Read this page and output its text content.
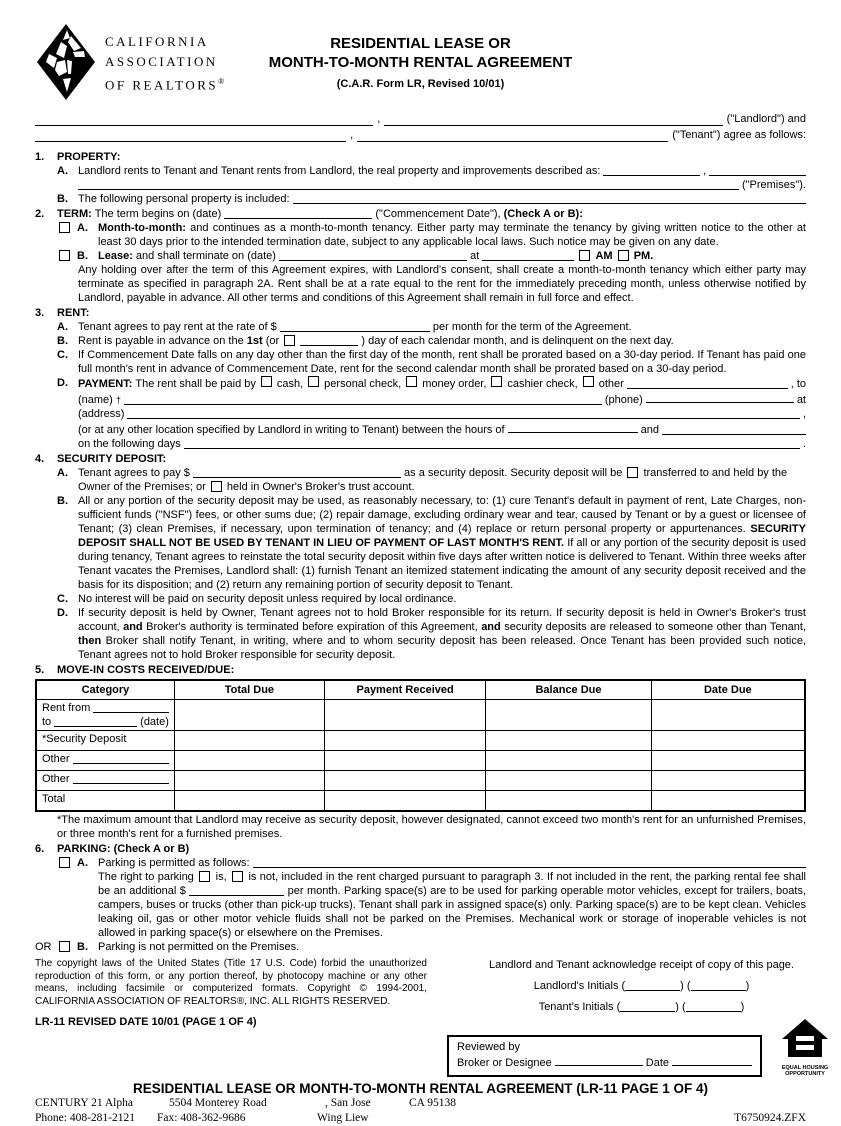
CALIFORNIA
ASSOCIATION
OF REALTORS®
RESIDENTIAL LEASE OR
MONTH-TO-MONTH RENTAL AGREEMENT
(C.A.R. Form LR, Revised 10/01)
,	("Landlord") and
,	("Tenant") agree as follows:
1.	PROPERTY:
A. Landlord rents to Tenant and Tenant rents from Landlord, the real property and improvements described as:	,
("Premises").
B. The following personal property is included:
2.	TERM: The term begins on (date)	("Commencement Date"), (Check A or B):
A. Month-to-month: and continues as a month-to-month tenancy. Either party may terminate the tenancy by giving written notice to the other at least 30 days prior to the intended termination date, subject to any applicable local laws. Such notice may be given on any date.
B. Lease: and shall terminate on (date)	at	AM PM.
Any holding over after the term of this Agreement expires, with Landlord's consent, shall create a month-to-month tenancy which either party may terminate as specified in paragraph 2A. Rent shall be at a rate equal to the rent for the immediately preceding month, unless otherwise notified by Landlord, payable in advance. All other terms and conditions of this Agreement shall remain in full force and effect.
3.	RENT:
A. Tenant agrees to pay rent at the rate of $	per month for the term of the Agreement.
B. Rent is payable in advance on the 1st (or	) day of each calendar month, and is delinquent on the next day.
C. If Commencement Date falls on any day other than the first day of the month, rent shall be prorated based on a 30-day period. If Tenant has paid one full month's rent in advance of Commencement Date, rent for the second calendar month shall be prorated based on a 30-day period.
D. PAYMENT: The rent shall be paid by cash, personal check, money order, cashier check, other	, to
(name) †	(phone)	at
(address)	,
(or at any other location specified by Landlord in writing to Tenant) between the hours of	and
on the following days	.
4.	SECURITY DEPOSIT:
A. Tenant agrees to pay $	as a security deposit. Security deposit will be transferred to and held by the Owner of the Premises; or held in Owner's Broker's trust account.
B. All or any portion of the security deposit may be used, as reasonably necessary, to: (1) cure Tenant's default in payment of rent, Late Charges, non-sufficient funds ("NSF") fees, or other sums due; (2) repair damage, excluding ordinary wear and tear, caused by Tenant or by a guest or licensee of Tenant; (3) clean Premises, if necessary, upon termination of tenancy; and (4) replace or return personal property or appurtenances. SECURITY DEPOSIT SHALL NOT BE USED BY TENANT IN LIEU OF PAYMENT OF LAST MONTH'S RENT. If all or any portion of the security deposit is used during tenancy, Tenant agrees to reinstate the total security deposit within five days after written notice is delivered to Tenant. Within three weeks after Tenant vacates the Premises, Landlord shall: (1) furnish Tenant an itemized statement indicating the amount of any security deposit received and the basis for its disposition; and (2) return any remaining portion of security deposit to Tenant.
C. No interest will be paid on security deposit unless required by local ordinance.
D. If security deposit is held by Owner, Tenant agrees not to hold Broker responsible for its return. If security deposit is held in Owner's Broker's trust account, and Broker's authority is terminated before expiration of this Agreement, and security deposits are released to someone other than Tenant, then Broker shall notify Tenant, in writing, where and to whom security deposit has been released. Once Tenant has been provided such notice, Tenant agrees not to hold Broker responsible for security deposit.
5.	MOVE-IN COSTS RECEIVED/DUE:
Category	Total Due	Payment Received	Balance Due	Date Due

Rent from
to (date)				

*Security Deposit				

Other				

Other				

Total				
*The maximum amount that Landlord may receive as security deposit, however designated, cannot exceed two month's rent for an unfurnished Premises, or three month's rent for a furnished premises.
6.	PARKING: (Check A or B)
A. Parking is permitted as follows:
The right to parking is, is not, included in the rent charged pursuant to paragraph 3. If not included in the rent, the parking rental fee shall be an additional $	per month. Parking space(s) are to be used for parking operable motor vehicles, except for trailers, boats, campers, buses or trucks (other than pick-up trucks). Tenant shall park in assigned space(s) only. Parking space(s) are to be kept clean. Vehicles leaking oil, gas or other motor vehicle fluids shall not be parked on the Premises. Mechanical work or storage of inoperable vehicles is not allowed in parking space(s) or elsewhere on the Premises.
OR	B. Parking is not permitted on the Premises.
The copyright laws of the United States (Title 17 U.S. Code) forbid the unauthorized reproduction of this form, or any portion thereof, by photocopy machine or any other means, including facsimile or computerized formats. Copyright © 1994-2001, CALIFORNIA ASSOCIATION OF REALTORS®, INC. ALL RIGHTS RESERVED.
LR-11 REVISED DATE 10/01 (PAGE 1 OF 4)
Landlord and Tenant acknowledge receipt of copy of this page.
Landlord's Initials (	) (	)
Tenant's Initials (	) (	)
Reviewed by
Broker or Designee	Date	EQUAL HOUSING
OPPORTUNITY
RESIDENTIAL LEASE OR MONTH-TO-MONTH RENTAL AGREEMENT (LR-11 PAGE 1 OF 4)
CENTURY 21 Alpha	5504 Monterey Road	, San Jose	CA 95138
Phone: 408-281-2121 Fax: 408-362-9686	Wing Liew	T6750924.ZFX
